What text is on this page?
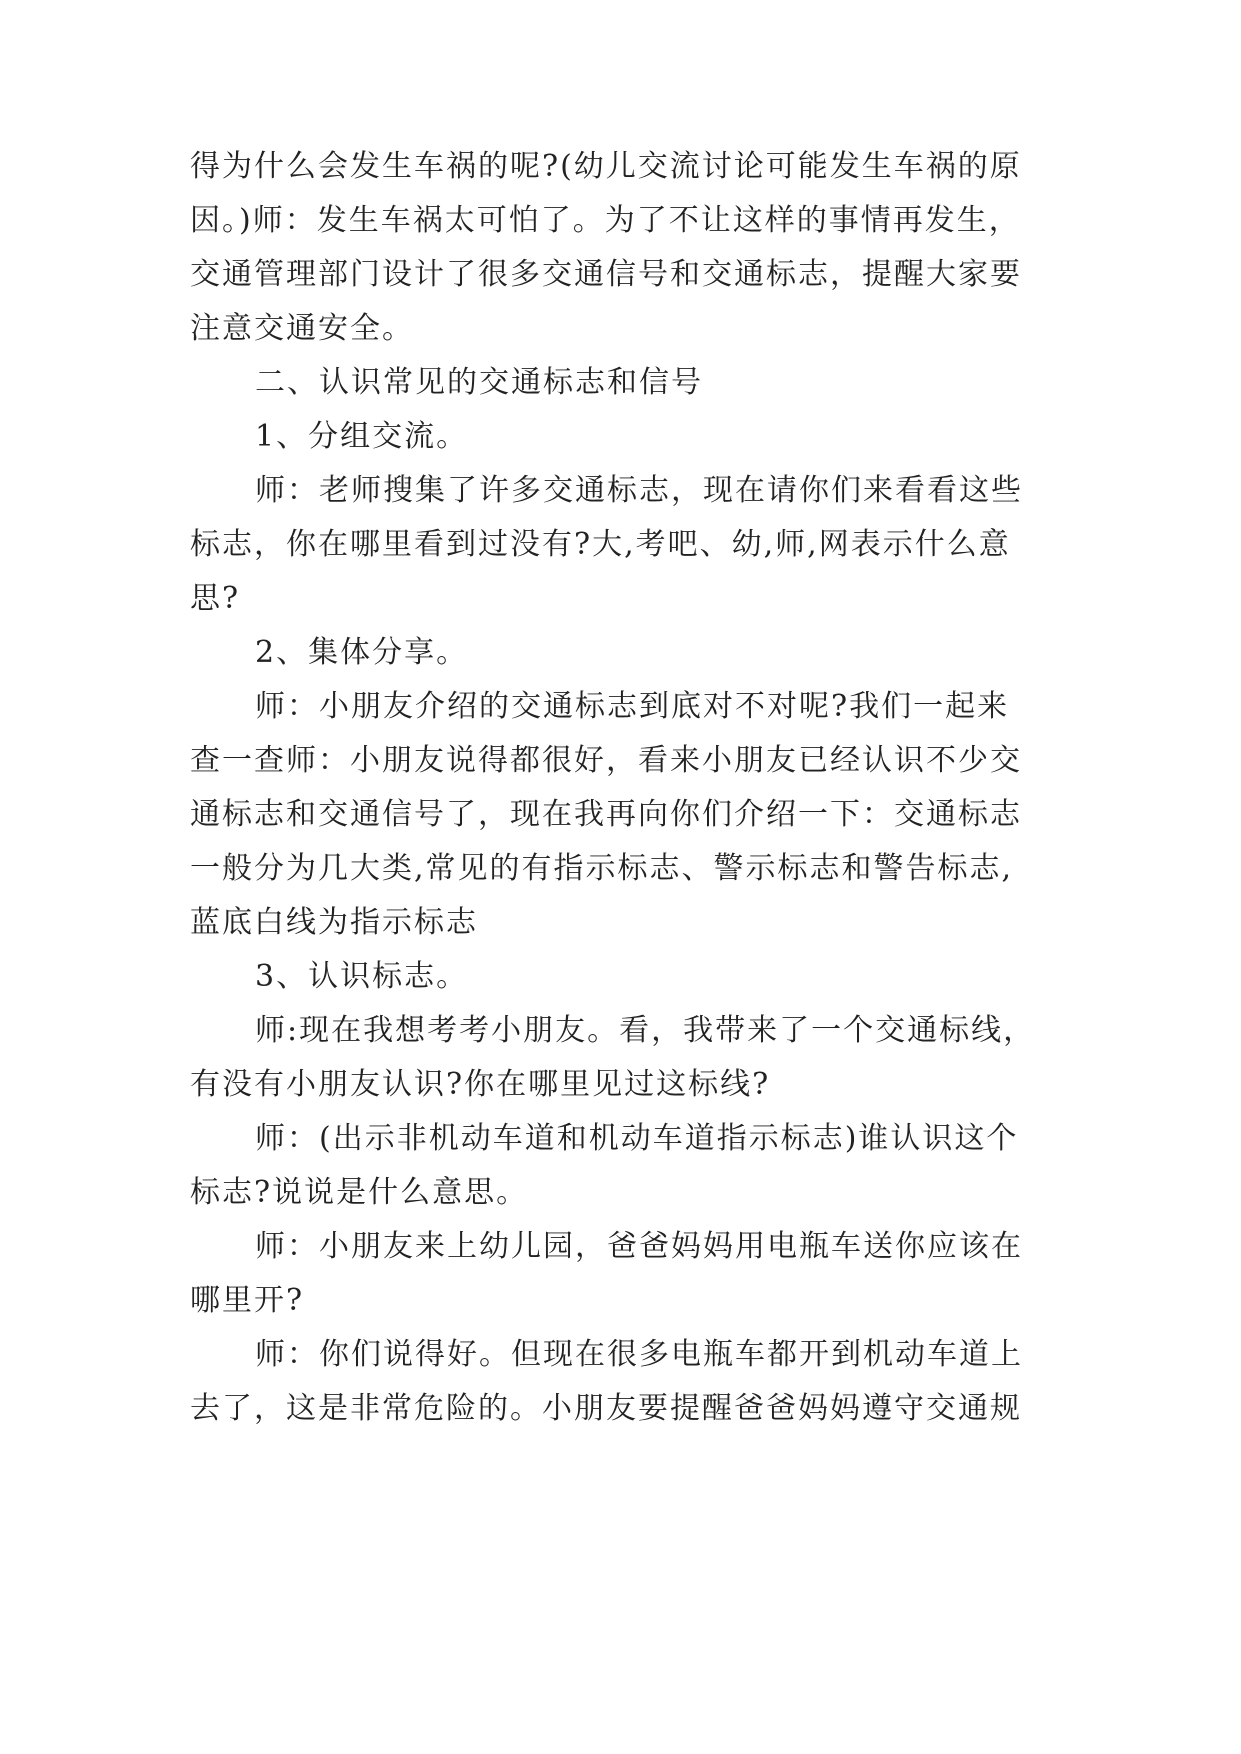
得为什么会发生车祸的呢?(幼儿交流讨论可能发生车祸的原
因。)师：发生车祸太可怕了。为了不让这样的事情再发生，
交通管理部门设计了很多交通信号和交通标志，提醒大家要
注意交通安全。
二、认识常见的交通标志和信号
1、分组交流。
师：老师搜集了许多交通标志，现在请你们来看看这些
标志，你在哪里看到过没有?大,考吧、幼,师,网表示什么意
思?
2、集体分享。
师：小朋友介绍的交通标志到底对不对呢?我们一起来
查一查师：小朋友说得都很好，看来小朋友已经认识不少交
通标志和交通信号了，现在我再向你们介绍一下：交通标志
一般分为几大类,常见的有指示标志、警示标志和警告标志,
蓝底白线为指示标志
3、认识标志。
师:现在我想考考小朋友。看，我带来了一个交通标线，
有没有小朋友认识?你在哪里见过这标线?
师：(出示非机动车道和机动车道指示标志)谁认识这个
标志?说说是什么意思。
师：小朋友来上幼儿园，爸爸妈妈用电瓶车送你应该在
哪里开?
师：你们说得好。但现在很多电瓶车都开到机动车道上
去了，这是非常危险的。小朋友要提醒爸爸妈妈遵守交通规
